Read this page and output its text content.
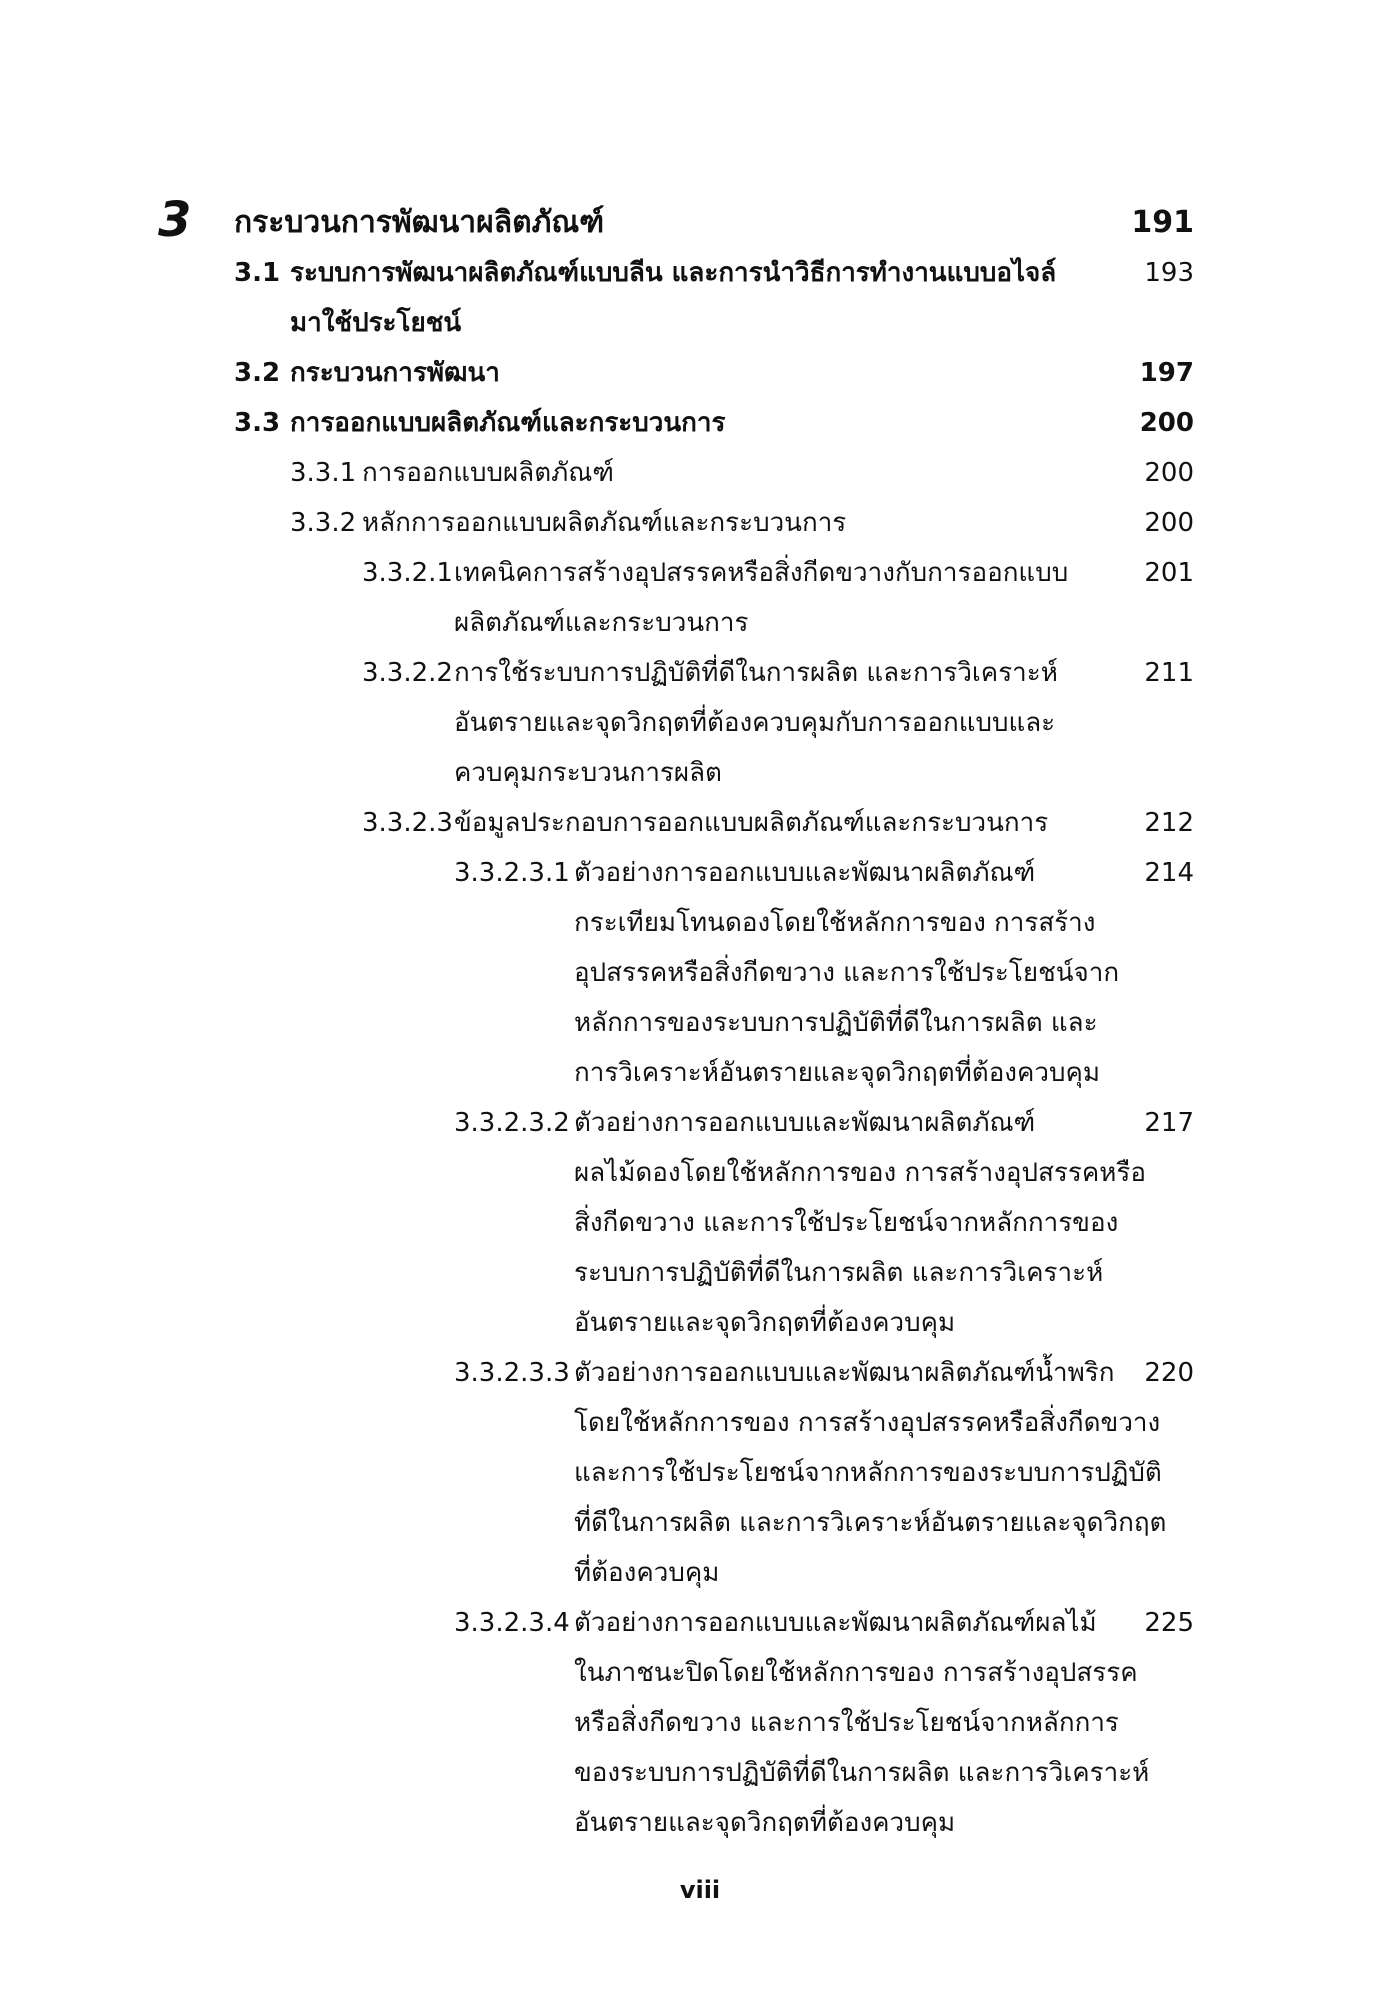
3 กระบวนการพัฒนาผลิตภัณฑ์	191
3.1 ระบบการพัฒนาผลิตภัณฑ์แบบลีน และการนำวิธีการทำงานแบบอไจล์	193
มาใช้ประโยชน์
3.2 กระบวนการพัฒนา	197
3.3 การออกแบบผลิตภัณฑ์และกระบวนการ	200
3.3.1 การออกแบบผลิตภัณฑ์	200
3.3.2 หลักการออกแบบผลิตภัณฑ์และกระบวนการ	200
3.3.2.1 เทคนิคการสร้างอุปสรรคหรือสิ่งกีดขวางกับการออกแบบ	201
ผลิตภัณฑ์และกระบวนการ
3.3.2.2 การใช้ระบบการปฏิบัติที่ดีในการผลิต และการวิเคราะห์	211
อันตรายและจุดวิกฤตที่ต้องควบคุมกับการออกแบบและ
ควบคุมกระบวนการผลิต
3.3.2.3 ข้อมูลประกอบการออกแบบผลิตภัณฑ์และกระบวนการ	212
3.3.2.3.1 ตัวอย่างการออกแบบและพัฒนาผลิตภัณฑ์	214
กระเทียมโทนดองโดยใช้หลักการของ การสร้าง
อุปสรรคหรือสิ่งกีดขวาง และการใช้ประโยชน์จาก
หลักการของระบบการปฏิบัติที่ดีในการผลิต และ
การวิเคราะห์อันตรายและจุดวิกฤตที่ต้องควบคุม
3.3.2.3.2 ตัวอย่างการออกแบบและพัฒนาผลิตภัณฑ์	217
ผลไม้ดองโดยใช้หลักการของ การสร้างอุปสรรคหรือ
สิ่งกีดขวาง และการใช้ประโยชน์จากหลักการของ
ระบบการปฏิบัติที่ดีในการผลิต และการวิเคราะห์
อันตรายและจุดวิกฤตที่ต้องควบคุม
3.3.2.3.3 ตัวอย่างการออกแบบและพัฒนาผลิตภัณฑ์น้ำพริก 220
โดยใช้หลักการของ การสร้างอุปสรรคหรือสิ่งกีดขวาง
และการใช้ประโยชน์จากหลักการของระบบการปฏิบัติ
ที่ดีในการผลิต และการวิเคราะห์อันตรายและจุดวิกฤต
ที่ต้องควบคุม
3.3.2.3.4 ตัวอย่างการออกแบบและพัฒนาผลิตภัณฑ์ผลไม้ 225
ในภาชนะปิดโดยใช้หลักการของ การสร้างอุปสรรค
หรือสิ่งกีดขวาง และการใช้ประโยชน์จากหลักการ
ของระบบการปฏิบัติที่ดีในการผลิต และการวิเคราะห์
อันตรายและจุดวิกฤตที่ต้องควบคุม
viii
